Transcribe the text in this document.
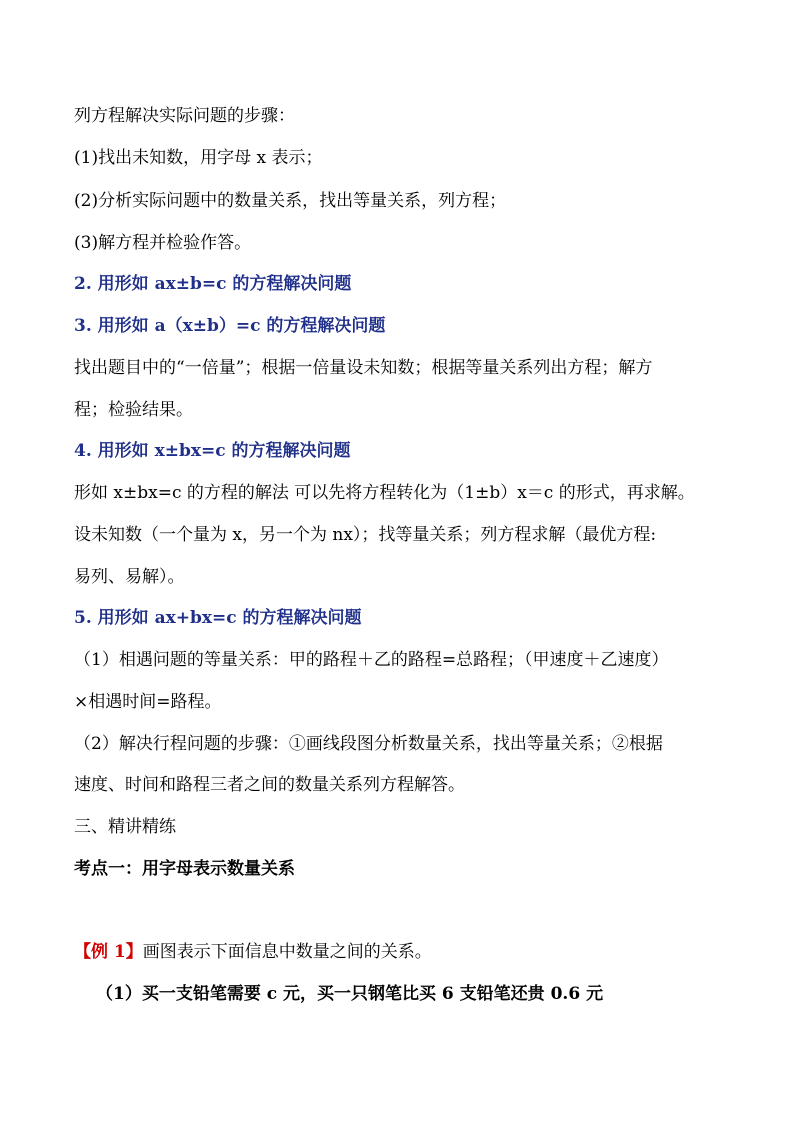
列方程解决实际问题的步骤：
(1)找出未知数，用字母 x 表示；
(2)分析实际问题中的数量关系，找出等量关系，列方程；
(3)解方程并检验作答。
2. 用形如 ax±b=c 的方程解决问题
3. 用形如 a（x±b）=c 的方程解决问题
找出题目中的“一倍量”；根据一倍量设未知数；根据等量关系列出方程；解方
程；检验结果。
4. 用形如 x±bx=c 的方程解决问题
形如 x±bx=c 的方程的解法 可以先将方程转化为（1±b）x＝c 的形式，再求解。
设未知数（一个量为 x，另一个为 nx）；找等量关系；列方程求解（最优方程:
易列、易解）。
5. 用形如 ax+bx=c 的方程解决问题
（1）相遇问题的等量关系：甲的路程＋乙的路程=总路程；（甲速度＋乙速度）
×相遇时间=路程。
（2）解决行程问题的步骤：①画线段图分析数量关系，找出等量关系；②根据
速度、时间和路程三者之间的数量关系列方程解答。
三、精讲精练
考点一：用字母表示数量关系
【例 1】画图表示下面信息中数量之间的关系。
（1）买一支铅笔需要 c 元，买一只钢笔比买 6 支铅笔还贵 0.6 元
